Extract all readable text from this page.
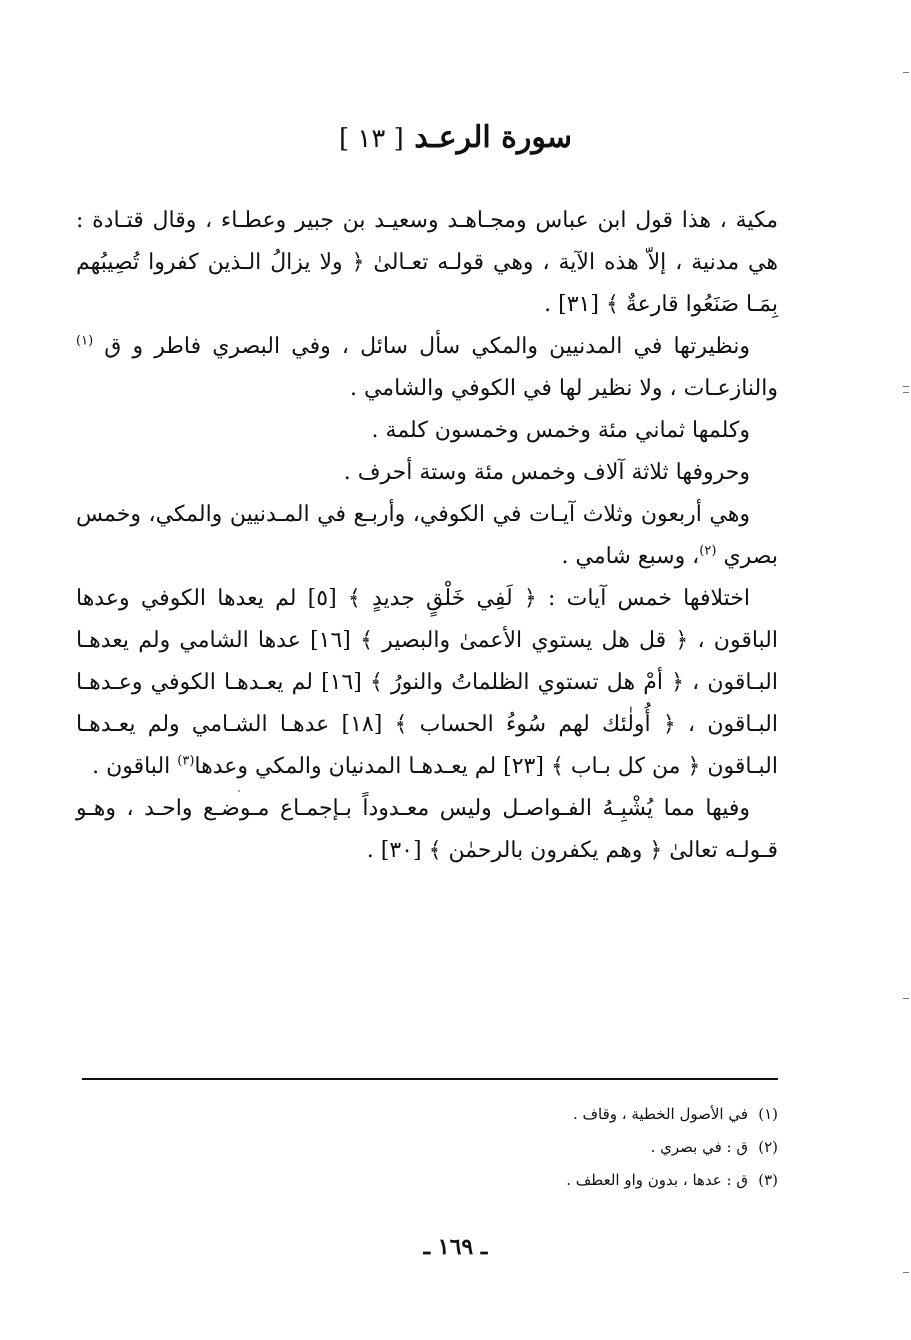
سورة الرعـد [ ١٣ ]

مكية ، هذا قول ابن عباس ومجـاهـد وسعيـد بن جبير وعطـاء ، وقال قتـادة : هي مدنية ، إلاّ هذه الآية ، وهي قولـه تعـالىٰ ﴿ ولا يزالُ الـذين كفروا تُصِيبُهم بِمَـا صَنَعُوا قارعةٌ ﴾ [٣١] .

ونظيرتها في المدنيين والمكي سأل سائل ، وفي البصري فاطر و ق $^{(١)}$ والنازعـات ، ولا نظير لها في الكوفي والشامي .

وكلمها ثماني مئة وخمس وخمسون كلمة .

وحروفها ثلاثة آلاف وخمس مئة وستة أحرف .

وهي أربعون وثلاث آيـات في الكوفي، وأربـع في المـدنيين والمكي، وخمس بصري $^{(٢)}$، وسبع شامي .

اختلافها خمس آيات : ﴿ لَفِي خَلْقٍ جديدٍ ﴾ [٥] لم يعدها الكوفي وعدها الباقون ، ﴿ قل هل يستوي الأعمىٰ والبصير ﴾ [١٦] عدها الشامي ولم يعدهـا البـاقون ، ﴿ أمْ هل تستوي الظلماتُ والنورُ ﴾ [١٦] لم يعـدهـا الكوفي وعـدهـا البـاقون ، ﴿ أُولٰئك لهم سُوءُ الحساب ﴾ [١٨] عدهـا الشـامي ولم يعـدهـا البـاقون ﴿ من كل بـاب ﴾ [٢٣] لم يعـدهـا المدنيان والمكي وعدها$^{(٣)}$ الباقون .

وفيها مما يُشْبِـهُ الفـواصـل وليس معـدوداً بـإجمـاع مـوضـع واحـد ، وهـو قـولـه تعالىٰ ﴿ وهم يكفرون بالرحمٰن ﴾ [٣٠] .

(١)في الأصول الخطية ، وقاف .
(٢)ق : في بصري .
(٣)ق : عدها ، بدون واو العطف .
ـ ١٦٩ ـ
